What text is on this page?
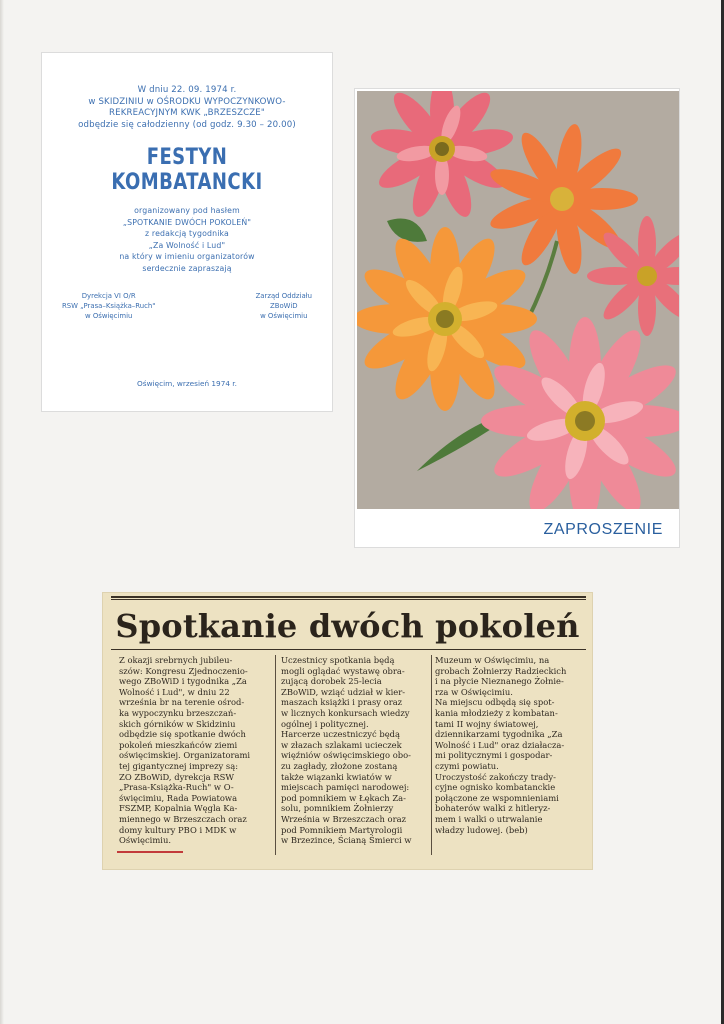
W dniu 22. 09. 1974 r.
w SKIDZINIU w OŚRODKU WYPOCZYNKOWO-
REKREACYJNYM KWK „BRZESZCZE"
odbędzie się całodzienny (od godz. 9.30 – 20.00)
FESTYN KOMBATANCKI
organizowany pod hasłem
„SPOTKANIE DWÓCH POKOLEŃ"
z redakcją tygodnika
„Za Wolność i Lud"
na który w imieniu organizatorów
serdecznie zapraszają
Dyrekcja VI O/R
RSW „Prasa–Książka–Ruch"
w Oświęcimiu
Zarząd Oddziału
ZBoWiD
w Oświęcimiu
Oświęcim, wrzesień 1974 r.
ZAPROSZENIE
Spotkanie dwóch pokoleń
Z okazji srebrnych jubileu-
szów: Kongresu Zjednoczenio-
wego ZBoWiD i tygodnika „Za
Wolność i Lud", w dniu 22
września br na terenie ośrod-
ka wypoczynku brzeszczań-
skich górników w Skidziniu
odbędzie się spotkanie dwóch
pokoleń mieszkańców ziemi
oświęcimskiej. Organizatorami
tej gigantycznej imprezy są:
ZO ZBoWiD, dyrekcja RSW
„Prasa-Książka-Ruch" w O-
święcimiu, Rada Powiatowa
FSZMP, Kopalnia Węgla Ka-
miennego w Brzeszczach oraz
domy kultury PBO i MDK w
Oświęcimiu.
Uczestnicy spotkania będą
mogli oglądać wystawę obra-
zującą dorobek 25-lecia
ZBoWiD, wziąć udział w kier-
maszach książki i prasy oraz
w licznych konkursach wiedzy
ogólnej i politycznej.
Harcerze uczestniczyć będą
w złazach szlakami ucieczek
więźniów oświęcimskiego obo-
zu zagłady, złożone zostaną
także wiązanki kwiatów w
miejscach pamięci narodowej:
pod pomnikiem w Łękach Za-
solu, pomnikiem Żołnierzy
Września w Brzeszczach oraz
pod Pomnikiem Martyrologii
w Brzezince, Ścianą Śmierci w
Muzeum w Oświęcimiu, na
grobach Żołnierzy Radzieckich
i na płycie Nieznanego Żołnie-
rza w Oświęcimiu.
Na miejscu odbędą się spot-
kania młodzieży z kombatan-
tami II wojny światowej,
dziennikarzami tygodnika „Za
Wolność i Lud" oraz działacza-
mi politycznymi i gospodar-
czymi powiatu.
Uroczystość zakończy trady-
cyjne ognisko kombatanckie
połączone ze wspomnieniami
bohaterów walki z hitleryz-
mem i walki o utrwalanie
władzy ludowej. (beb)
